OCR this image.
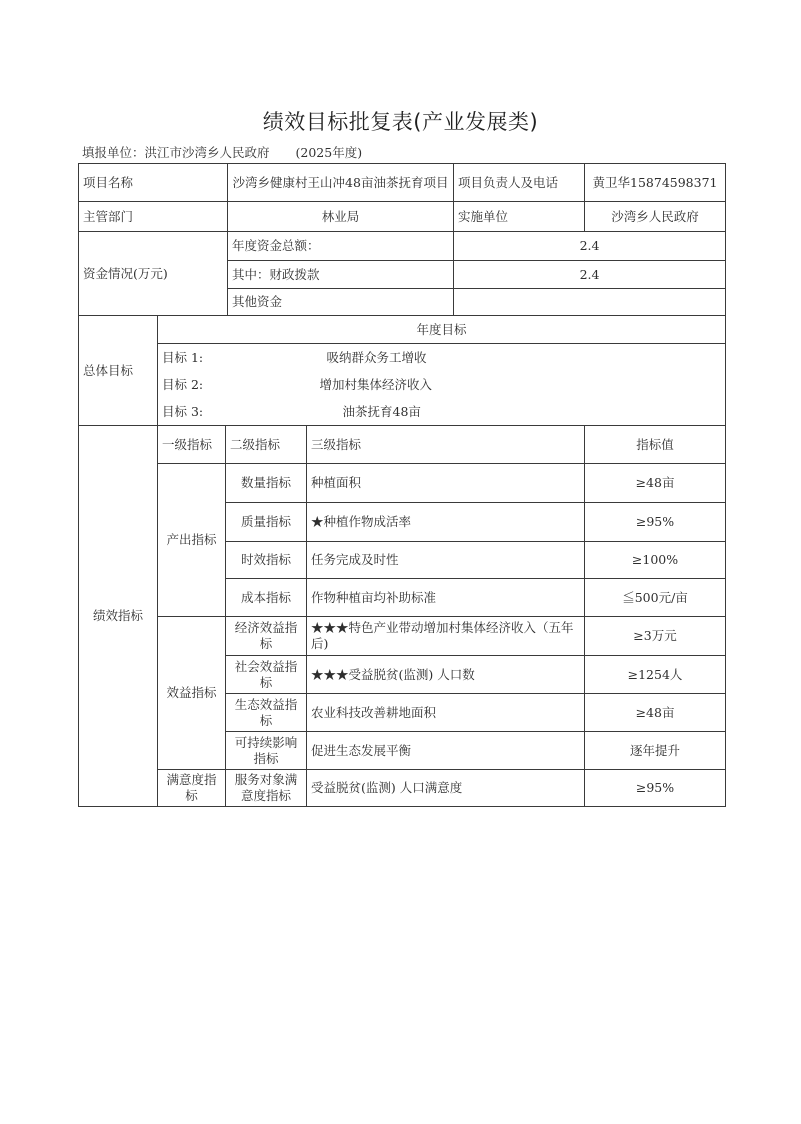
绩效目标批复表(产业发展类)
填报单位：洪江市沙湾乡人民政府 (2025年度)
项目名称			沙湾乡健康村王山冲48亩油茶抚育项目		项目负责人及电话	黄卫华15874598371
主管部门			林业局		实施单位	沙湾乡人民政府
资金情况(万元)			年度资金总额：		2.4	
			其中：财政拨款		2.4	
			其他资金			
总体目标	年度目标					
	目标 1:			吸纳群众务工增收		
	目标 2:			增加村集体经济收入		
	目标 3:			油茶抚育48亩		
绩效指标	一级指标	二级指标		三级指标		指标值
	产出指标	数量指标		种植面积		≥48亩
		质量指标		★种植作物成活率		≥95%
		时效指标		任务完成及时性		≥100%
		成本指标		作物种植亩均补助标准		≦500元/亩
	效益指标	经济效益指标		★★★特色产业带动增加村集体经济收入（五年后)		≥3万元
		社会效益指标		★★★受益脱贫(监测) 人口数		≥1254人
		生态效益指标		农业科技改善耕地面积		≥48亩
		可持续影响指标		促进生态发展平衡		逐年提升
	满意度指标	服务对象满意度指标		受益脱贫(监测) 人口满意度		≥95%
